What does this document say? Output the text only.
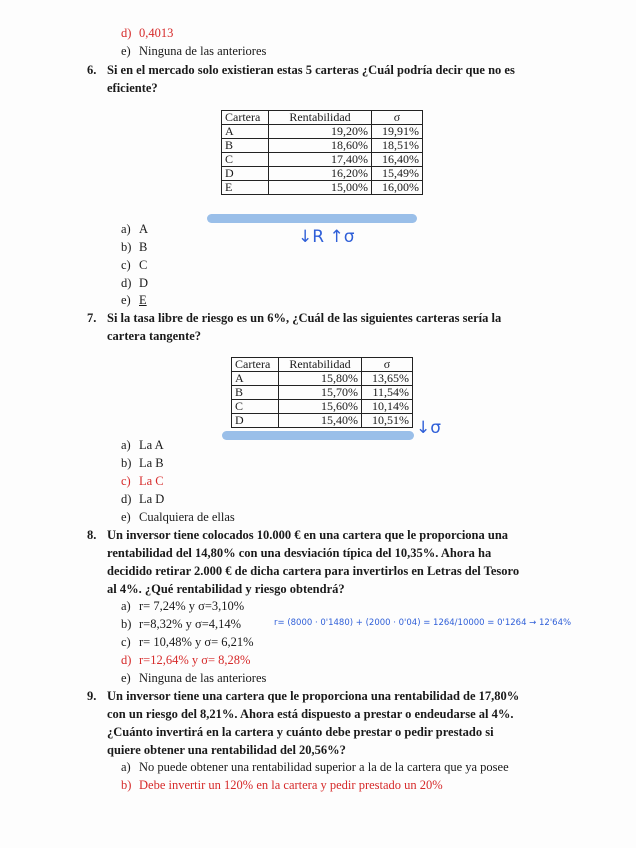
d) 0,4013
e) Ninguna de las anteriores
6. Si en el mercado solo existieran estas 5 carteras ¿Cuál podría decir que no es
eficiente?
Cartera	Rentabilidad	σ
A	19,20%	19,91%
B	18,60%	18,51%
C	17,40%	16,40%
D	16,20%	15,49%
E	15,00%	16,00%
a) A
b) B
c) C
d) D
e) E
↓R ↑σ
7. Si la tasa libre de riesgo es un 6%, ¿Cuál de las siguientes carteras sería la
cartera tangente?
Cartera	Rentabilidad	σ
A	15,80%	13,65%
B	15,70%	11,54%
C	15,60%	10,14%
D	15,40%	10,51% ↓σ
a) La A
b) La B
c) La C
d) La D
e) Cualquiera de ellas
8. Un inversor tiene colocados 10.000 € en una cartera que le proporciona una
rentabilidad del 14,80% con una desviación típica del 10,35%. Ahora ha
decidido retirar 2.000 € de dicha cartera para invertirlos en Letras del Tesoro
al 4%. ¿Qué rentabilidad y riesgo obtendrá?
a) r= 7,24% y σ=3,10%
b) r=8,32% y σ=4,14%
c) r= 10,48% y σ= 6,21%
d) r=12,64% y σ= 8,28%
e) Ninguna de las anteriores
r= (8000 · 0'1480) + (2000 · 0'04) = 1264/10000 = 0'1264 → 12'64%
9. Un inversor tiene una cartera que le proporciona una rentabilidad de 17,80%
con un riesgo del 8,21%. Ahora está dispuesto a prestar o endeudarse al 4%.
¿Cuánto invertirá en la cartera y cuánto debe prestar o pedir prestado si
quiere obtener una rentabilidad del 20,56%?
a) No puede obtener una rentabilidad superior a la de la cartera que ya posee
b) Debe invertir un 120% en la cartera y pedir prestado un 20%
